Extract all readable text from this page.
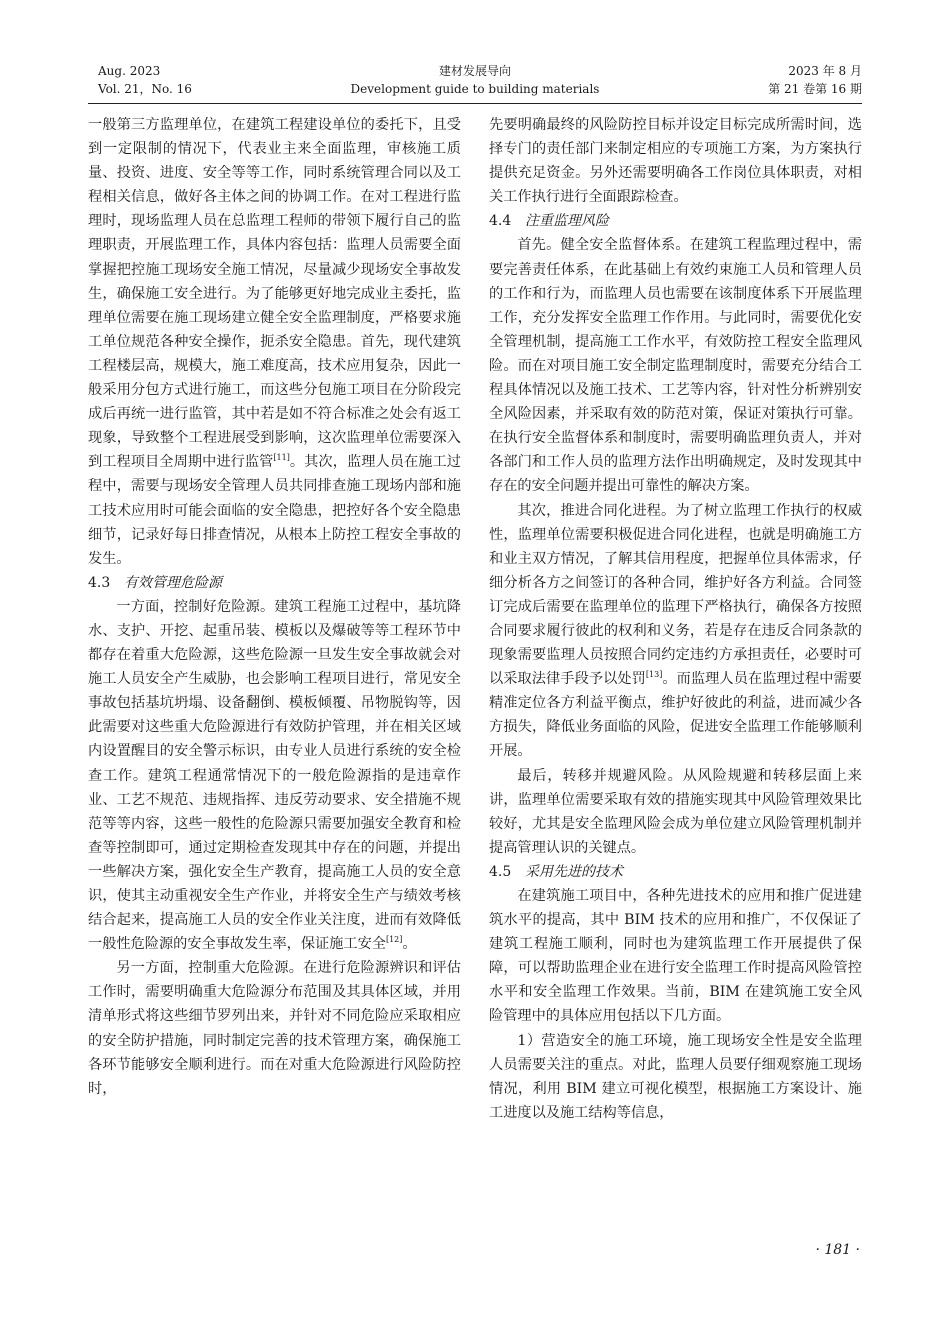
Aug. 2023
Vol. 21，No. 16
建材发展导向
Development guide to building materials
2023 年 8 月
第 21 卷第 16 期

一般第三方监理单位，在建筑工程建设单位的委托下，且受到一定限制的情况下，代表业主来全面监理，审核施工质量、投资、进度、安全等等工作，同时系统管理合同以及工程相关信息，做好各主体之间的协调工作。在对工程进行监理时，现场监理人员在总监理工程师的带领下履行自己的监理职责，开展监理工作，具体内容包括：监理人员需要全面掌握把控施工现场安全施工情况，尽量减少现场安全事故发生，确保施工安全进行。为了能够更好地完成业主委托，监理单位需要在施工现场建立健全安全监理制度，严格要求施工单位规范各种安全操作，扼杀安全隐患。首先，现代建筑工程楼层高，规模大，施工难度高，技术应用复杂，因此一般采用分包方式进行施工，而这些分包施工项目在分阶段完成后再统一进行监管，其中若是如不符合标准之处会有返工现象，导致整个工程进展受到影响，这次监理单位需要深入到工程项目全周期中进行监管[11]。其次，监理人员在施工过程中，需要与现场安全管理人员共同排查施工现场内部和施工技术应用时可能会面临的安全隐患，把控好各个安全隐患细节，记录好每日排查情况，从根本上防控工程安全事故的发生。

4.3 有效管理危险源

一方面，控制好危险源。建筑工程施工过程中，基坑降水、支护、开挖、起重吊装、模板以及爆破等等工程环节中都存在着重大危险源，这些危险源一旦发生安全事故就会对施工人员安全产生威胁，也会影响工程项目进行，常见安全事故包括基坑坍塌、设备翻倒、模板倾覆、吊物脱钩等，因此需要对这些重大危险源进行有效防护管理，并在相关区域内设置醒目的安全警示标识，由专业人员进行系统的安全检查工作。建筑工程通常情况下的一般危险源指的是违章作业、工艺不规范、违规指挥、违反劳动要求、安全措施不规范等等内容，这些一般性的危险源只需要加强安全教育和检查等控制即可，通过定期检查发现其中存在的问题，并提出一些解决方案，强化安全生产教育，提高施工人员的安全意识，使其主动重视安全生产作业，并将安全生产与绩效考核结合起来，提高施工人员的安全作业关注度，进而有效降低一般性危险源的安全事故发生率，保证施工安全[12]。

另一方面，控制重大危险源。在进行危险源辨识和评估工作时，需要明确重大危险源分布范围及其具体区域，并用清单形式将这些细节罗列出来，并针对不同危险应采取相应的安全防护措施，同时制定完善的技术管理方案，确保施工各环节能够安全顺利进行。而在对重大危险源进行风险防控时，

先要明确最终的风险防控目标并设定目标完成所需时间，选择专门的责任部门来制定相应的专项施工方案，为方案执行提供充足资金。另外还需要明确各工作岗位具体职责，对相关工作执行进行全面跟踪检查。

4.4 注重监理风险

首先。健全安全监督体系。在建筑工程监理过程中，需要完善责任体系，在此基础上有效约束施工人员和管理人员的工作和行为，而监理人员也需要在该制度体系下开展监理工作，充分发挥安全监理工作作用。与此同时，需要优化安全管理机制，提高施工工作水平，有效防控工程安全监理风险。而在对项目施工安全制定监理制度时，需要充分结合工程具体情况以及施工技术、工艺等内容，针对性分析辨别安全风险因素，并采取有效的防范对策，保证对策执行可靠。在执行安全监督体系和制度时，需要明确监理负责人，并对各部门和工作人员的监理方法作出明确规定，及时发现其中存在的安全问题并提出可靠性的解决方案。

其次，推进合同化进程。为了树立监理工作执行的权威性，监理单位需要积极促进合同化进程，也就是明确施工方和业主双方情况，了解其信用程度，把握单位具体需求，仔细分析各方之间签订的各种合同，维护好各方利益。合同签订完成后需要在监理单位的监理下严格执行，确保各方按照合同要求履行彼此的权利和义务，若是存在违反合同条款的现象需要监理人员按照合同约定违约方承担责任，必要时可以采取法律手段予以处罚[13]。而监理人员在监理过程中需要精准定位各方利益平衡点，维护好彼此的利益，进而减少各方损失，降低业务面临的风险，促进安全监理工作能够顺利开展。

最后，转移并规避风险。从风险规避和转移层面上来讲，监理单位需要采取有效的措施实现其中风险管理效果比较好，尤其是安全监理风险会成为单位建立风险管理机制并提高管理认识的关键点。

4.5 采用先进的技术

在建筑施工项目中，各种先进技术的应用和推广促进建筑水平的提高，其中 BIM 技术的应用和推广，不仅保证了建筑工程施工顺利，同时也为建筑监理工作开展提供了保障，可以帮助监理企业在进行安全监理工作时提高风险管控水平和安全监理工作效果。当前，BIM 在建筑施工安全风险管理中的具体应用包括以下几方面。

1）营造安全的施工环境，施工现场安全性是安全监理人员需要关注的重点。对此，监理人员要仔细观察施工现场情况，利用 BIM 建立可视化模型，根据施工方案设计、施工进度以及施工结构等信息，

· 181 ·
